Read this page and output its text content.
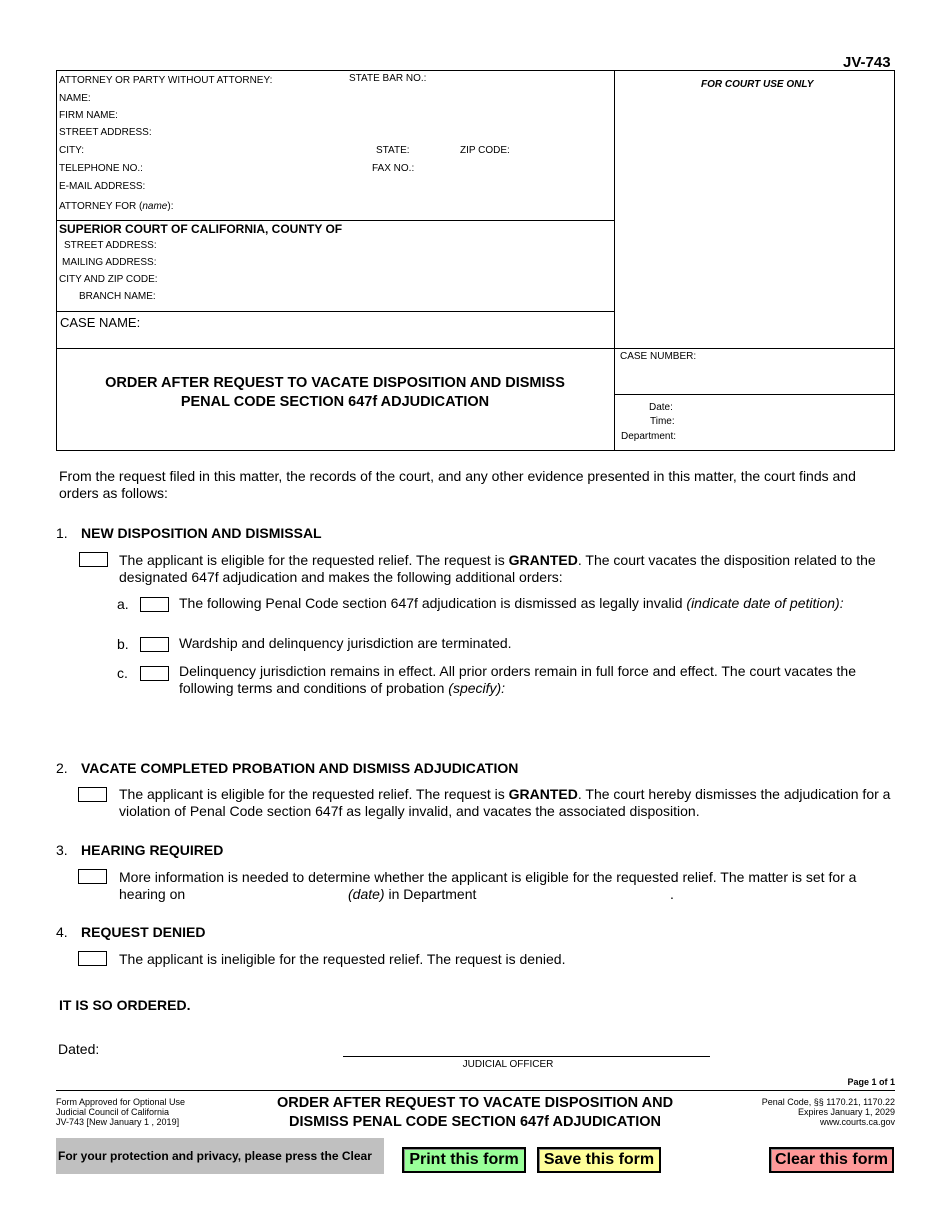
JV-743
ATTORNEY OR PARTY WITHOUT ATTORNEY:	STATE BAR NO.:
NAME:
FIRM NAME:
STREET ADDRESS:
CITY:	STATE:	ZIP CODE:
TELEPHONE NO.:	FAX NO.:
E-MAIL ADDRESS:
ATTORNEY FOR (name):
FOR COURT USE ONLY
SUPERIOR COURT OF CALIFORNIA, COUNTY OF
STREET ADDRESS:
MAILING ADDRESS:
CITY AND ZIP CODE:
BRANCH NAME:
CASE NAME:
CASE NUMBER:
Date:
Time:
Department:
ORDER AFTER REQUEST TO VACATE DISPOSITION AND DISMISS
PENAL CODE SECTION 647f ADJUDICATION
From the request filed in this matter, the records of the court, and any other evidence presented in this matter, the court finds and orders as follows:
1. NEW DISPOSITION AND DISMISSAL
The applicant is eligible for the requested relief. The request is GRANTED. The court vacates the disposition related to the designated 647f adjudication and makes the following additional orders:
a.	The following Penal Code section 647f adjudication is dismissed as legally invalid (indicate date of petition):
b.	Wardship and delinquency jurisdiction are terminated.
c.	Delinquency jurisdiction remains in effect. All prior orders remain in full force and effect. The court vacates the following terms and conditions of probation (specify):
2. VACATE COMPLETED PROBATION AND DISMISS ADJUDICATION
The applicant is eligible for the requested relief. The request is GRANTED. The court hereby dismisses the adjudication for a violation of Penal Code section 647f as legally invalid, and vacates the associated disposition.
3. HEARING REQUIRED
More information is needed to determine whether the applicant is eligible for the requested relief. The matter is set for a
hearing on	(date) in Department	.
4. REQUEST DENIED
The applicant is ineligible for the requested relief. The request is denied.
IT IS SO ORDERED.
Dated:
JUDICIAL OFFICER
Page 1 of 1
Form Approved for Optional Use
Judicial Council of California
JV-743 [New January 1 , 2019]
ORDER AFTER REQUEST TO VACATE DISPOSITION AND
DISMISS PENAL CODE SECTION 647f ADJUDICATION
Penal Code, §§ 1170.21, 1170.22
Expires January 1, 2029
www.courts.ca.gov
For your protection and privacy, please press the Clear	Print this form	Save this form	Clear this form
